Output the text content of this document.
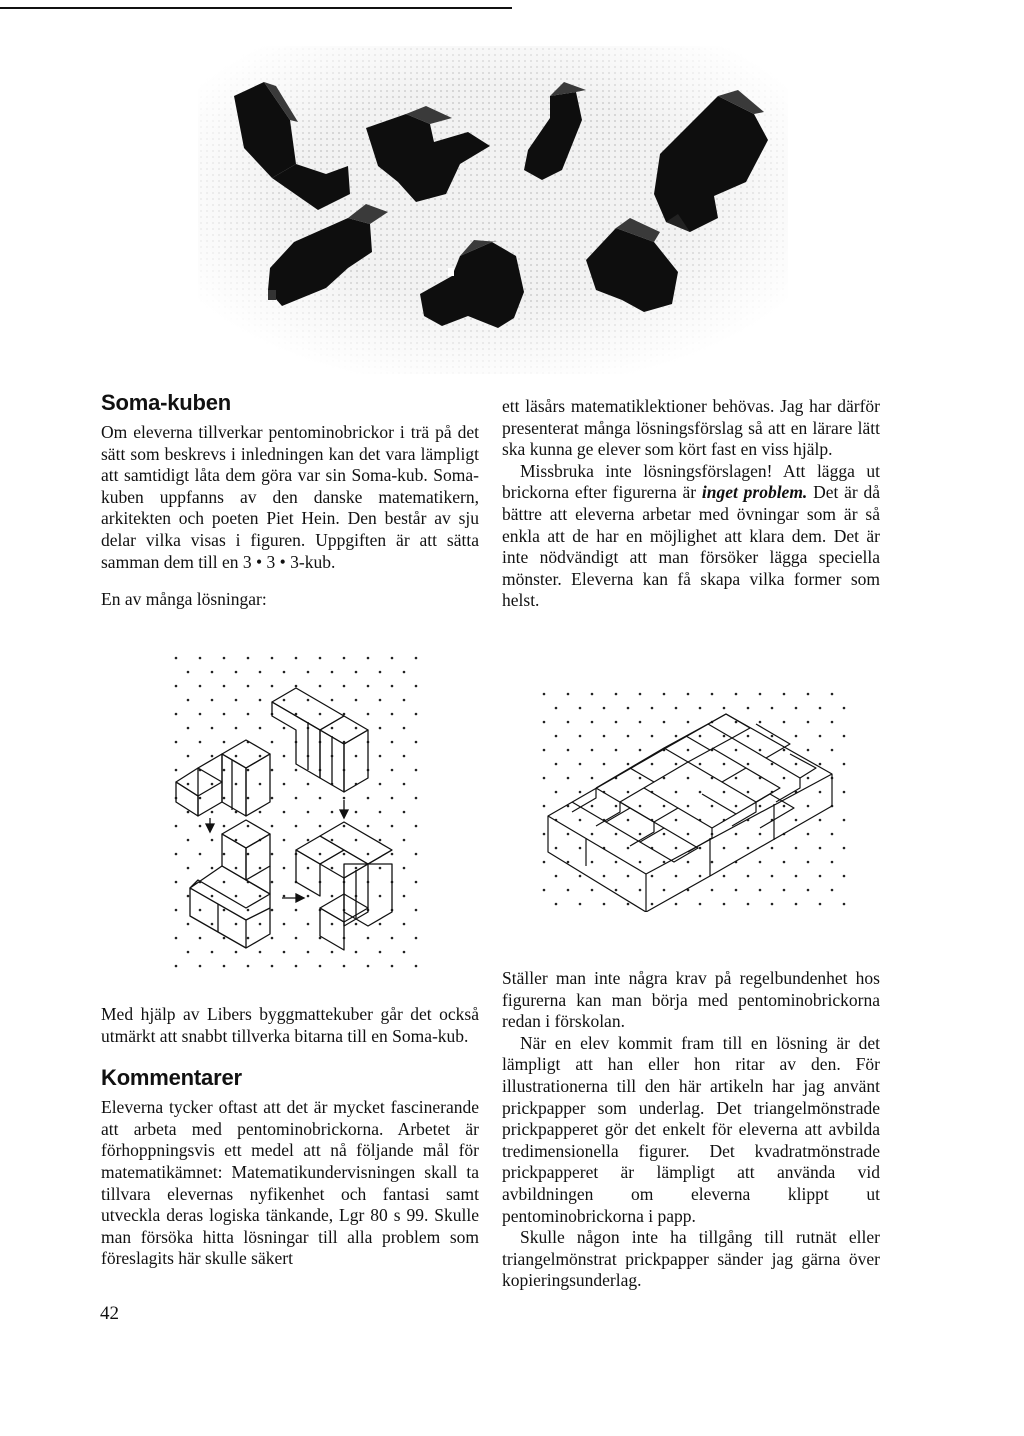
Soma-kuben

Om eleverna tillverkar pentominobrickor i trä på det sätt som beskrevs i inledningen kan det vara lämpligt att samtidigt låta dem göra var sin Soma-kub. Soma-kuben uppfanns av den danske matematikern, arkitekten och poeten Piet Hein. Den består av sju delar vilka visas i figuren. Uppgiften är att sätta samman dem till en 3 • 3 • 3-kub.

En av många lösningar:

ett läsårs matematiklektioner behövas. Jag har därför presenterat många lösningsförslag så att en lärare lätt ska kunna ge elever som kört fast en viss hjälp.

Missbruka inte lösningsförslagen! Att lägga ut brickorna efter figurerna är inget problem. Det är då bättre att eleverna arbetar med övningar som är så enkla att de har en möjlighet att klara dem. Det är inte nödvändigt att man försöker lägga speciella mönster. Eleverna kan få skapa vilka former som helst.

Med hjälp av Libers byggmattekuber går det också utmärkt att snabbt tillverka bitarna till en Soma-kub.

Kommentarer

Eleverna tycker oftast att det är mycket fascinerande att arbeta med pentominobrickorna. Arbetet är förhoppningsvis ett medel att nå följande mål för matematikämnet: Matematikundervisningen skall ta tillvara elevernas nyfikenhet och fantasi samt utveckla deras logiska tänkande, Lgr 80 s 99. Skulle man försöka hitta lösningar till alla problem som föreslagits här skulle säkert

Ställer man inte några krav på regelbundenhet hos figurerna kan man börja med pentominobrickorna redan i förskolan.

När en elev kommit fram till en lösning är det lämpligt att han eller hon ritar av den. För illustrationerna till den här artikeln har jag använt prickpapper som underlag. Det triangelmönstrade prickpapperet gör det enkelt för eleverna att avbilda tredimensionella figurer. Det kvadratmönstrade prickpapperet är lämpligt att använda vid avbildningen om eleverna klippt ut pentominobrickorna i papp.

Skulle någon inte ha tillgång till rutnät eller triangelmönstrat prickpapper sänder jag gärna över kopieringsunderlag.

42
